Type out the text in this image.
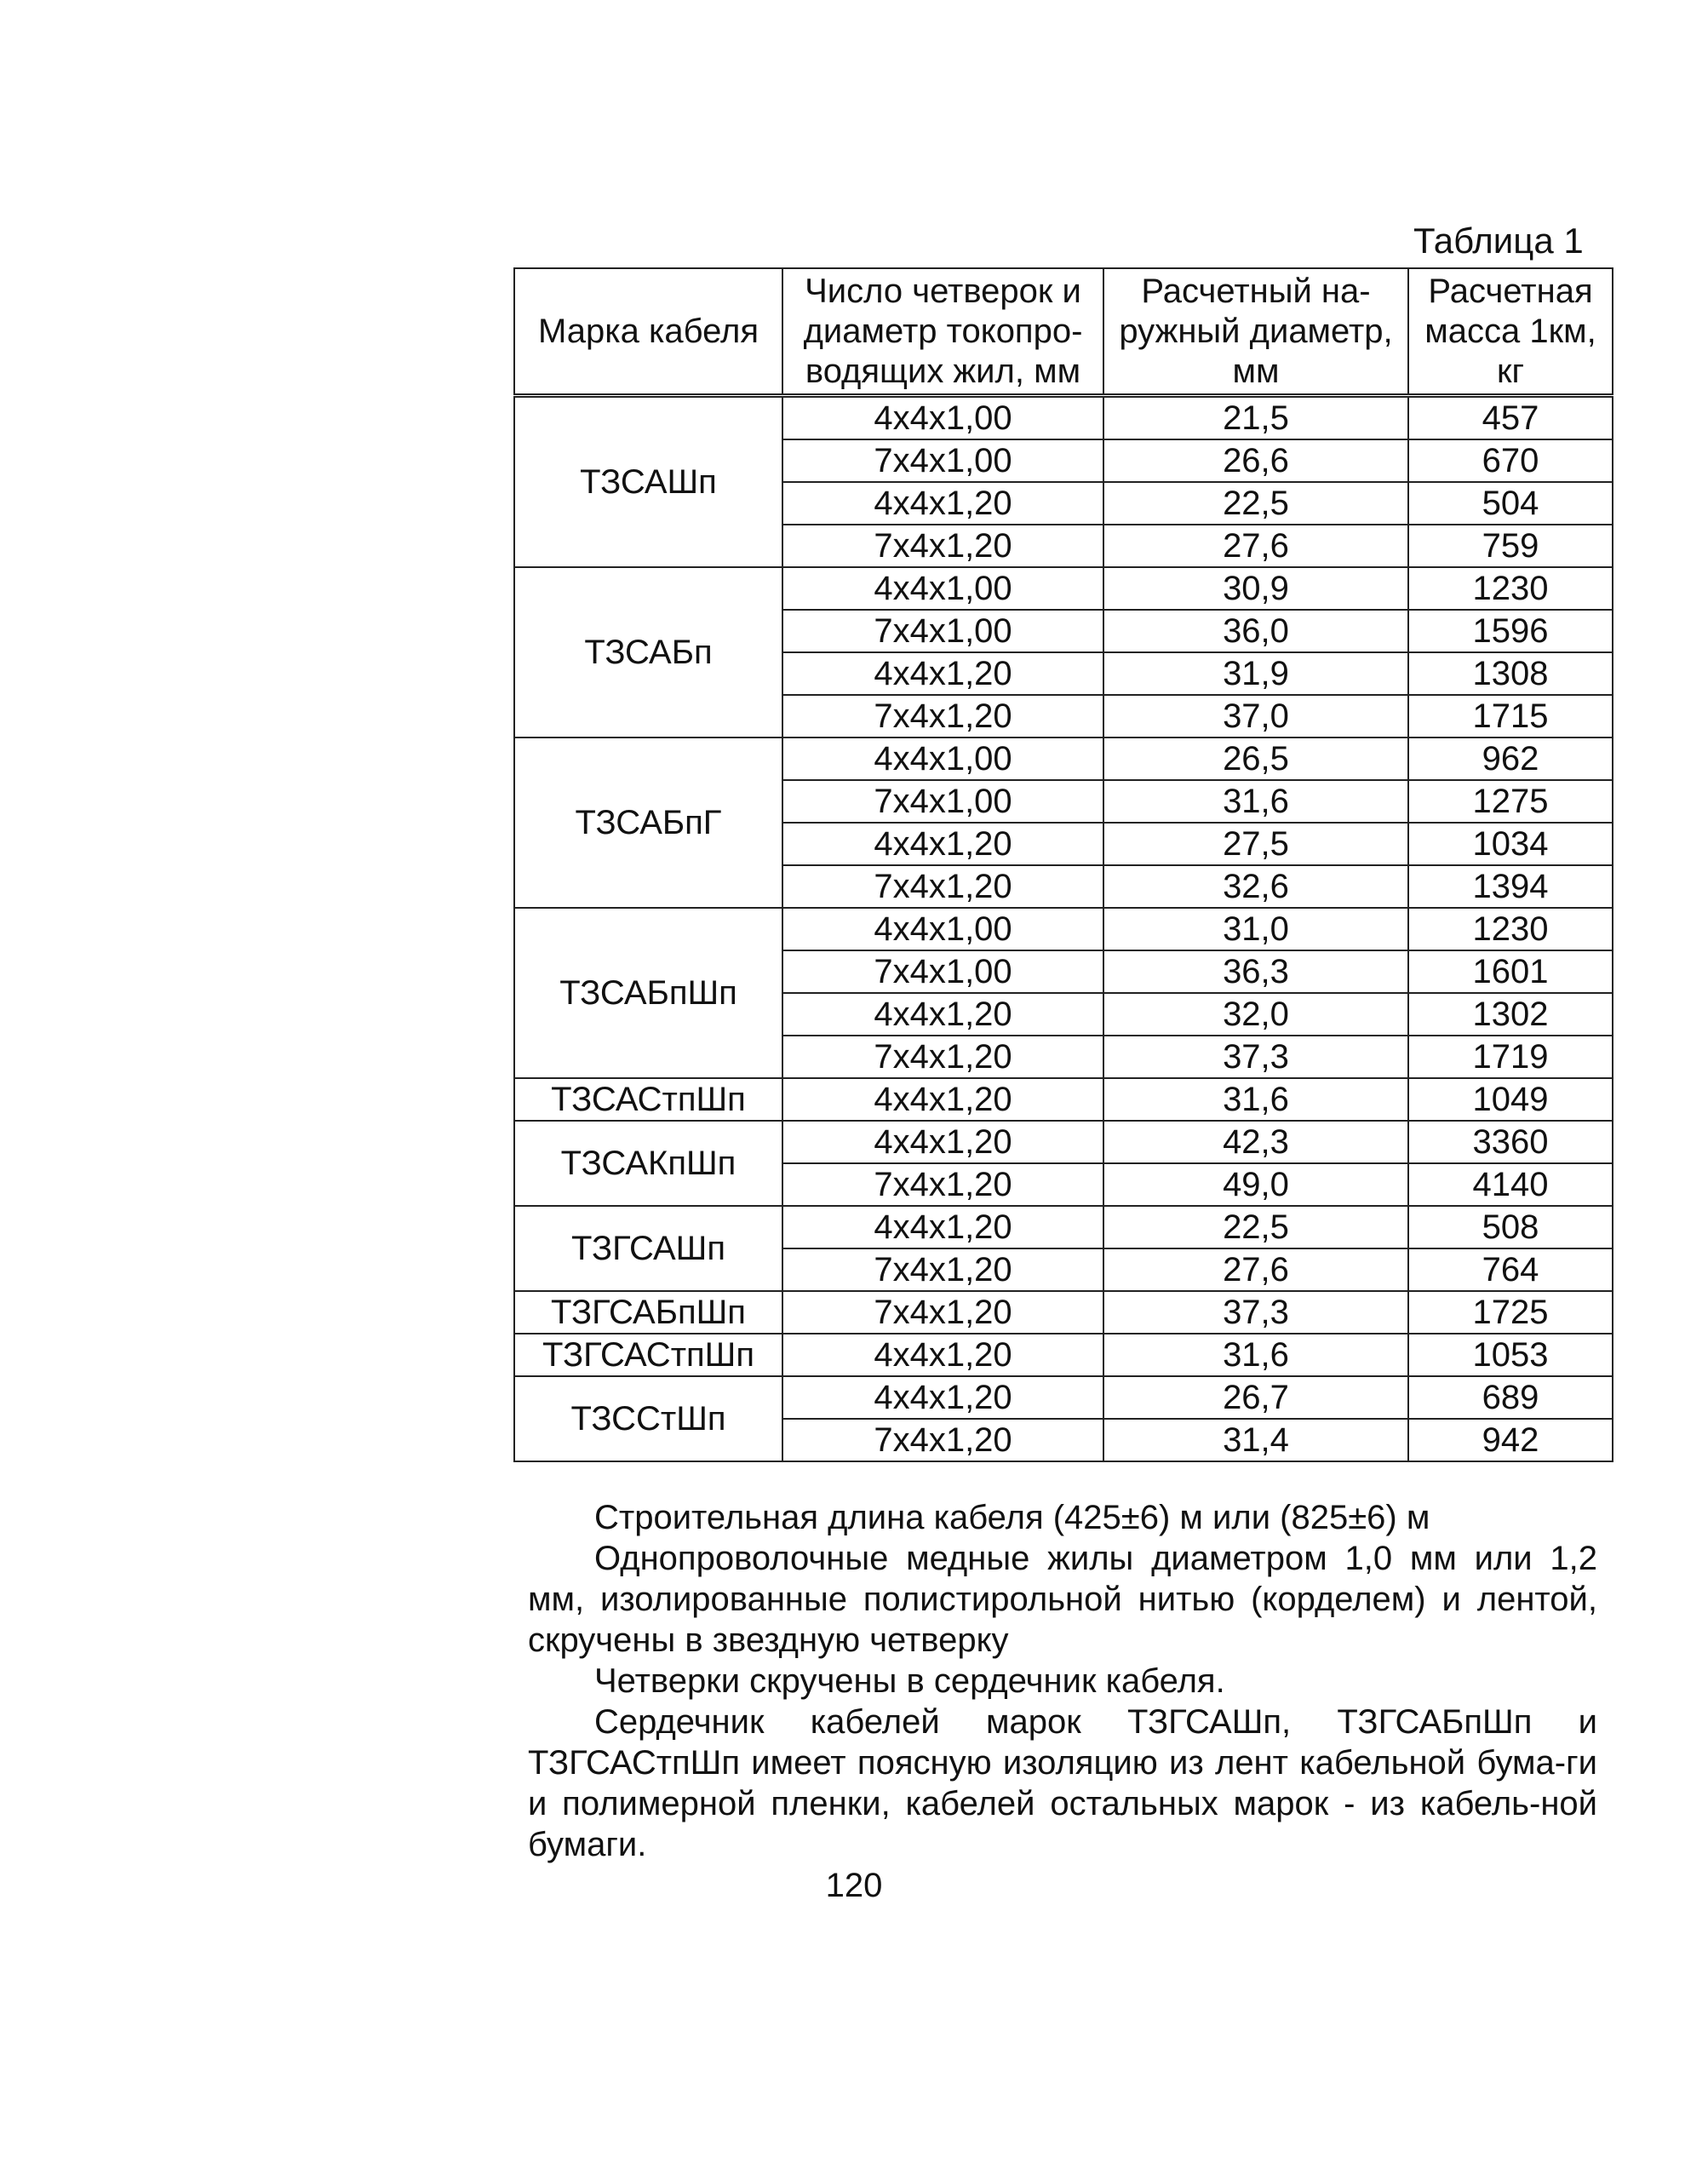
Таблица 1
Марка кабеля	Число четверок и диаметр токопро-водящих жил, мм	Расчетный на-ружный диаметр, мм	Расчетная масса 1км, кг
ТЗСАШп	4х4х1,00	21,5	457
	7х4х1,00	26,6	670
	4х4х1,20	22,5	504
	7х4х1,20	27,6	759
ТЗСАБп	4х4х1,00	30,9	1230
	7х4х1,00	36,0	1596
	4х4х1,20	31,9	1308
	7х4х1,20	37,0	1715
ТЗСАБпГ	4х4х1,00	26,5	962
	7х4х1,00	31,6	1275
	4х4х1,20	27,5	1034
	7х4х1,20	32,6	1394
ТЗСАБпШп	4х4х1,00	31,0	1230
	7х4х1,00	36,3	1601
	4х4х1,20	32,0	1302
	7х4х1,20	37,3	1719
ТЗСАСтпШп	4х4х1,20	31,6	1049
ТЗСАКпШп	4х4х1,20	42,3	3360
	7х4х1,20	49,0	4140
ТЗГСАШп	4х4х1,20	22,5	508
	7х4х1,20	27,6	764
ТЗГСАБпШп	7х4х1,20	37,3	1725
ТЗГСАСтпШп	4х4х1,20	31,6	1053
ТЗССтШп	4х4х1,20	26,7	689
	7х4х1,20	31,4	942

Строительная длина кабеля (425±6) м или (825±6) м

Однопроволочные медные жилы диаметром 1,0 мм или 1,2 мм, изолированные полистирольной нитью (корделем) и лентой, скручены в звездную четверку

Четверки скручены в сердечник кабеля.

Сердечник кабелей марок ТЗГСАШп, ТЗГСАБпШп и ТЗГСАСтпШп имеет поясную изоляцию из лент кабельной бума-ги и полимерной пленки, кабелей остальных марок - из кабель-ной бумаги.

120
